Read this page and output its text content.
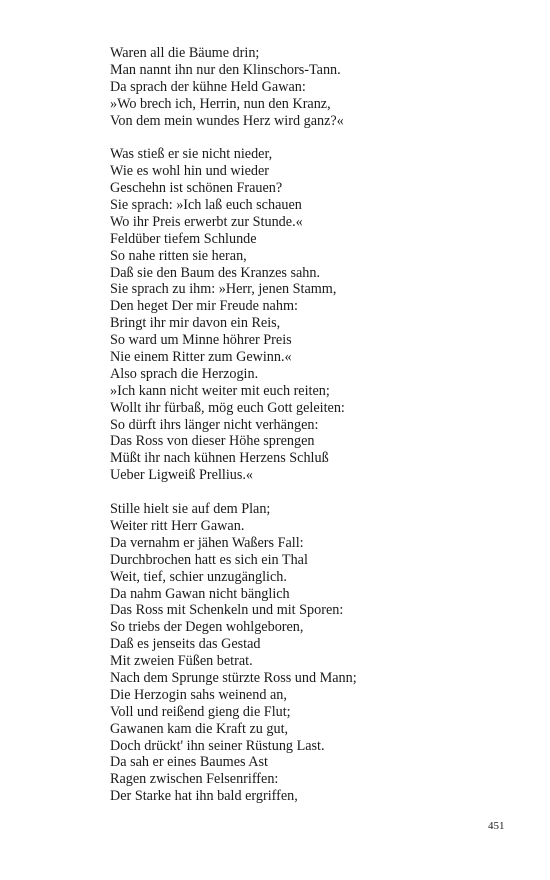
Waren all die Bäume drin;
Man nannt ihn nur den Klinschors-Tann.
Da sprach der kühne Held Gawan:
»Wo brech ich, Herrin, nun den Kranz,
Von dem mein wundes Herz wird ganz?«
Was stieß er sie nicht nieder,
Wie es wohl hin und wieder
Geschehn ist schönen Frauen?
Sie sprach: »Ich laß euch schauen
Wo ihr Preis erwerbt zur Stunde.«
Feldüber tiefem Schlunde
So nahe ritten sie heran,
Daß sie den Baum des Kranzes sahn.
Sie sprach zu ihm: »Herr, jenen Stamm,
Den heget Der mir Freude nahm:
Bringt ihr mir davon ein Reis,
So ward um Minne höhrer Preis
Nie einem Ritter zum Gewinn.«
Also sprach die Herzogin.
»Ich kann nicht weiter mit euch reiten;
Wollt ihr fürbaß, mög euch Gott geleiten:
So dürft ihrs länger nicht verhängen:
Das Ross von dieser Höhe sprengen
Müßt ihr nach kühnen Herzens Schluß
Ueber Ligweiß Prellius.«
Stille hielt sie auf dem Plan;
Weiter ritt Herr Gawan.
Da vernahm er jähen Waßers Fall:
Durchbrochen hatt es sich ein Thal
Weit, tief, schier unzugänglich.
Da nahm Gawan nicht bänglich
Das Ross mit Schenkeln und mit Sporen:
So triebs der Degen wohlgeboren,
Daß es jenseits das Gestad
Mit zweien Füßen betrat.
Nach dem Sprunge stürzte Ross und Mann;
Die Herzogin sahs weinend an,
Voll und reißend gieng die Flut;
Gawanen kam die Kraft zu gut,
Doch drückt' ihn seiner Rüstung Last.
Da sah er eines Baumes Ast
Ragen zwischen Felsenriffen:
Der Starke hat ihn bald ergriffen,
451
